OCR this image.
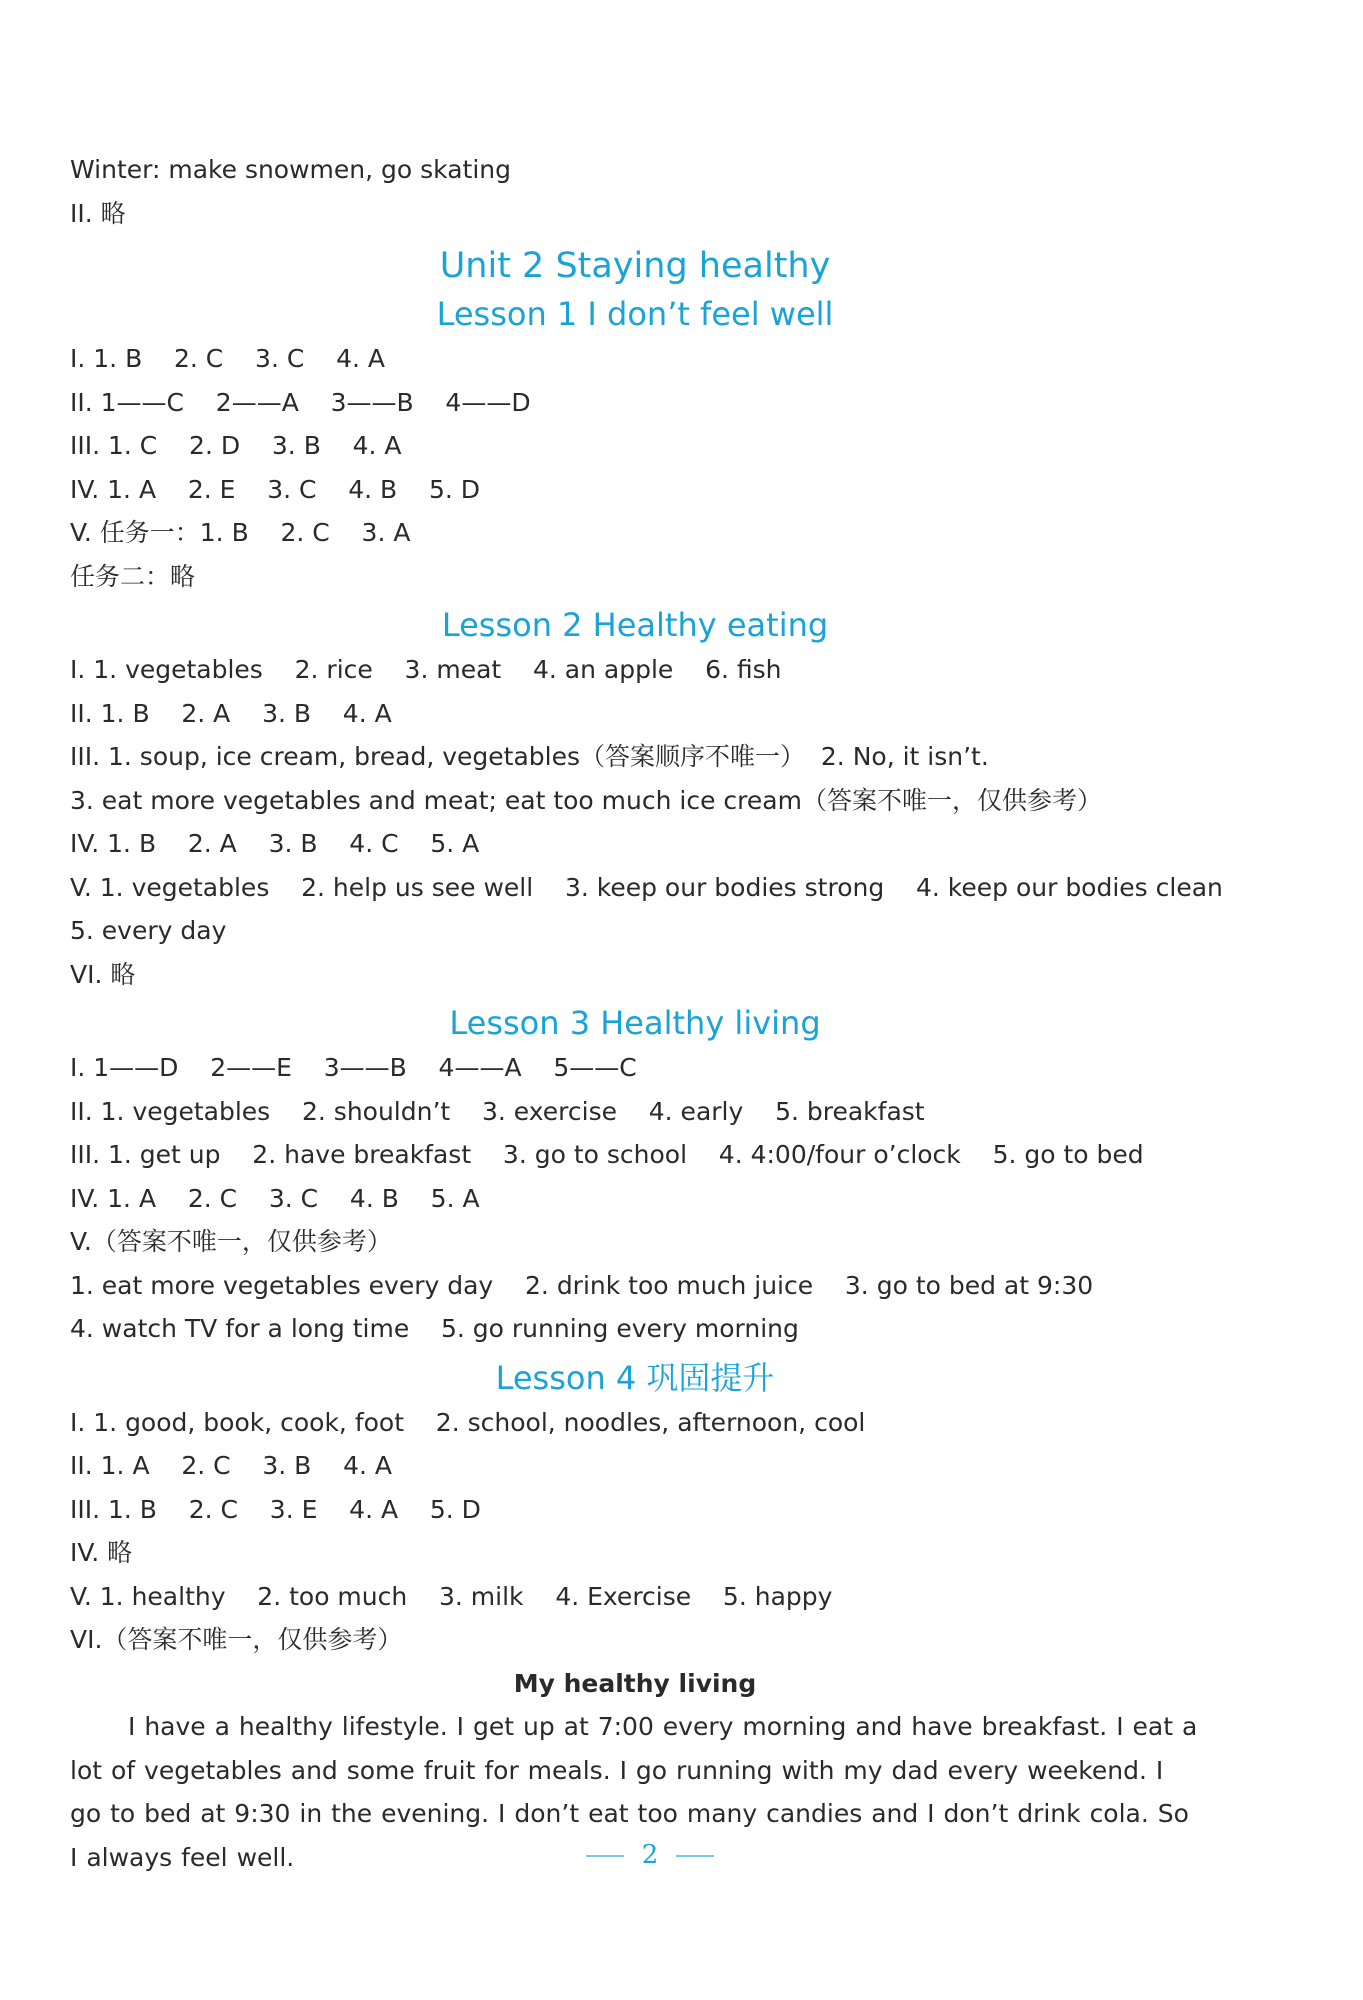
Winter: make snowmen, go skating
II. 略
Unit 2 Staying healthy
Lesson 1 I don’t feel well
I. 1. B    2. C    3. C    4. A
II. 1——C    2——A    3——B    4——D
III. 1. C    2. D    3. B    4. A
IV. 1. A    2. E    3. C    4. B    5. D
V. 任务一：1. B    2. C    3. A
任务二：略
Lesson 2 Healthy eating
I. 1. vegetables    2. rice    3. meat    4. an apple    6. fish
II. 1. B    2. A    3. B    4. A
III. 1. soup, ice cream, bread, vegetables（答案顺序不唯一）  2. No, it isn’t.
3. eat more vegetables and meat; eat too much ice cream（答案不唯一，仅供参考）
IV. 1. B    2. A    3. B    4. C    5. A
V. 1. vegetables    2. help us see well    3. keep our bodies strong    4. keep our bodies clean
5. every day
VI. 略
Lesson 3 Healthy living
I. 1——D    2——E    3——B    4——A    5——C
II. 1. vegetables    2. shouldn’t    3. exercise    4. early    5. breakfast
III. 1. get up    2. have breakfast    3. go to school    4. 4:00/four o’clock    5. go to bed
IV. 1. A    2. C    3. C    4. B    5. A
V.（答案不唯一，仅供参考）
1. eat more vegetables every day    2. drink too much juice    3. go to bed at 9:30
4. watch TV for a long time    5. go running every morning
Lesson 4 巩固提升
I. 1. good, book, cook, foot    2. school, noodles, afternoon, cool
II. 1. A    2. C    3. B    4. A
III. 1. B    2. C    3. E    4. A    5. D
IV. 略
V. 1. healthy    2. too much    3. milk    4. Exercise    5. happy
VI.（答案不唯一，仅供参考）
My healthy living
I have a healthy lifestyle. I get up at 7:00 every morning and have breakfast. I eat a lot of vegetables and some fruit for meals. I go running with my dad every weekend. I go to bed at 9:30 in the evening. I don’t eat too many candies and I don’t drink cola. So I always feel well.	2
